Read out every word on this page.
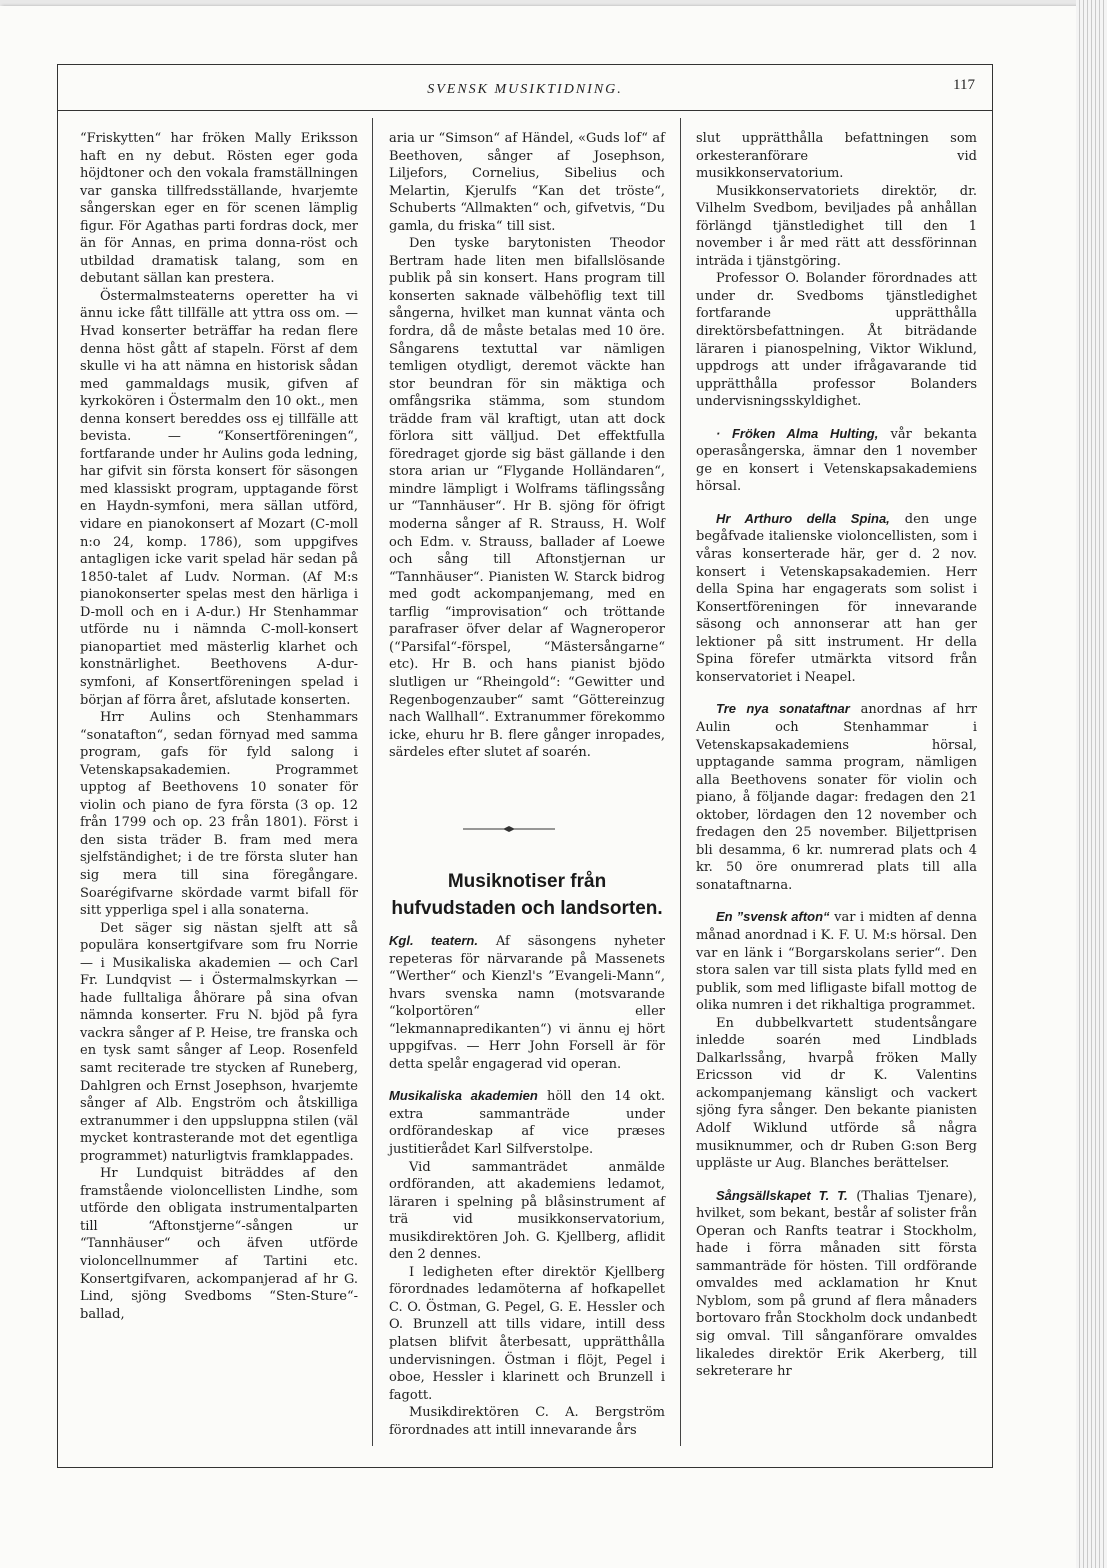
SVENSK MUSIKTIDNING.	117

“Friskytten“ har fröken Mally Eriksson haft en ny debut. Rösten eger goda höjdtoner och den vokala framställningen var ganska tillfredsställande, hvarjemte sångerskan eger en för scenen lämplig figur. För Agathas parti fordras dock, mer än för Annas, en prima donna-röst och utbildad dramatisk talang, som en debutant sällan kan prestera.

Östermalmsteaterns operetter ha vi ännu icke fått tillfälle att yttra oss om. — Hvad konserter beträffar ha redan flere denna höst gått af stapeln. Först af dem skulle vi ha att nämna en historisk sådan med gammaldags musik, gifven af kyrkokören i Östermalm den 10 okt., men denna konsert bereddes oss ej tillfälle att bevista. — “Konsertföreningen“, fortfarande under hr Aulins goda ledning, har gifvit sin första konsert för säsongen med klassiskt program, upptagande först en Haydn-symfoni, mera sällan utförd, vidare en pianokonsert af Mozart (C-moll n:o 24, komp. 1786), som uppgifves antagligen icke varit spelad här sedan på 1850-talet af Ludv. Norman. (Af M:s pianokonserter spelas mest den härliga i D-moll och en i A-dur.) Hr Stenhammar utförde nu i nämnda C-moll-konsert pianopartiet med mästerlig klarhet och konstnärlighet. Beethovens A-dur-symfoni, af Konsertföreningen spelad i början af förra året, afslutade konserten.

Hrr Aulins och Stenhammars “sonatafton“, sedan förnyad med samma program, gafs för fyld salong i Vetenskapsakademien. Programmet upptog af Beethovens 10 sonater för violin och piano de fyra första (3 op. 12 från 1799 och op. 23 från 1801). Först i den sista träder B. fram med mera sjelfständighet; i de tre första sluter han sig mera till sina föregångare. Soarégifvarne skördade varmt bifall för sitt ypperliga spel i alla sonaterna.

Det säger sig nästan sjelft att så populära konsertgifvare som fru Norrie — i Musikaliska akademien — och Carl Fr. Lundqvist — i Östermalmskyrkan — hade fulltaliga åhörare på sina ofvan nämnda konserter. Fru N. bjöd på fyra vackra sånger af P. Heise, tre franska och en tysk samt sånger af Leop. Rosenfeld samt reciterade tre stycken af Runeberg, Dahlgren och Ernst Josephson, hvarjemte sånger af Alb. Engström och åtskilliga extranummer i den uppsluppna stilen (väl mycket kontrasterande mot det egentliga programmet) naturligtvis framklappades.

Hr Lundquist biträddes af den framstående violoncellisten Lindhe, som utförde den obligata instrumentalparten till “Aftonstjerne“-sången ur “Tannhäuser“ och äfven utförde violoncellnummer af Tartini etc. Konsertgifvaren, ackompanjerad af hr G. Lind, sjöng Svedboms “Sten-Sture“-ballad,

aria ur “Simson“ af Händel, «Guds lof“ af Beethoven, sånger af Josephson, Liljefors, Cornelius, Sibelius och Melartin, Kjerulfs “Kan det tröste“, Schuberts “Allmakten“ och, gifvetvis, “Du gamla, du friska“ till sist.

Den tyske barytonisten Theodor Bertram hade liten men bifallslösande publik på sin konsert. Hans program till konserten saknade välbehöflig text till sångerna, hvilket man kunnat vänta och fordra, då de måste betalas med 10 öre. Sångarens textuttal var nämligen temligen otydligt, deremot väckte han stor beundran för sin mäktiga och omfångsrika stämma, som stundom trädde fram väl kraftigt, utan att dock förlora sitt välljud. Det effektfulla föredraget gjorde sig bäst gällande i den stora arian ur “Flygande Holländaren“, mindre lämpligt i Wolframs täflingssång ur “Tannhäuser“. Hr B. sjöng för öfrigt moderna sånger af R. Strauss, H. Wolf och Edm. v. Strauss, ballader af Loewe och sång till Aftonstjernan ur “Tannhäuser“. Pianisten W. Starck bidrog med godt ackompanjemang, med en tarflig “improvisation“ och tröttande parafraser öfver delar af Wagneroperor (“Parsifal“-förspel, “Mästersångarne“ etc). Hr B. och hans pianist bjödo slutligen ur “Rheingold“: “Gewitter und Regenbogenzauber“ samt “Göttereinzug nach Wallhall“. Extranummer förekommo icke, ehuru hr B. flere gånger inropades, särdeles efter slutet af soarén.

Musiknotiser från hufvudstaden och landsorten.

Kgl. teatern. Af säsongens nyheter repeteras för närvarande på Massenets “Werther“ och Kienzl's ”Evangeli-Mann“, hvars svenska namn (motsvarande “kolportören“ eller “lekmannapredikanten“) vi ännu ej hört uppgifvas. — Herr John Forsell är för detta spelår engagerad vid operan.

Musikaliska akademien höll den 14 okt. extra sammanträde under ordförandeskap af vice præses justitierådet Karl Silfverstolpe.

Vid sammanträdet anmälde ordföranden, att akademiens ledamot, läraren i spelning på blåsinstrument af trä vid musikkonservatorium, musikdirektören Joh. G. Kjellberg, aflidit den 2 dennes.

I ledigheten efter direktör Kjellberg förordnades ledamöterna af hofkapellet C. O. Östman, G. Pegel, G. E. Hessler och O. Brunzell att tills vidare, intill dess platsen blifvit återbesatt, upprätthålla undervisningen. Östman i flöjt, Pegel i oboe, Hessler i klarinett och Brunzell i fagott.

Musikdirektören C. A. Bergström förordnades att intill innevarande års

slut upprätthålla befattningen som orkesteranförare vid musikkonservatorium.

Musikkonservatoriets direktör, dr. Vilhelm Svedbom, beviljades på anhållan förlängd tjänstledighet till den 1 november i år med rätt att dessförinnan inträda i tjänstgöring.

Professor O. Bolander förordnades att under dr. Svedboms tjänstledighet fortfarande upprätthålla direktörsbefattningen. Åt biträdande läraren i pianospelning, Viktor Wiklund, uppdrogs att under ifrågavarande tid upprätthålla professor Bolanders undervisningsskyldighet.

· Fröken Alma Hulting, vår bekanta operasångerska, ämnar den 1 november ge en konsert i Vetenskapsakademiens hörsal.

Hr Arthuro della Spina, den unge begåfvade italienske violoncellisten, som i våras konserterade här, ger d. 2 nov. konsert i Vetenskapsakademien. Herr della Spina har engagerats som solist i Konsertföreningen för innevarande säsong och annonserar att han ger lektioner på sitt instrument. Hr della Spina förefer utmärkta vitsord från konservatoriet i Neapel.

Tre nya sonataftnar anordnas af hrr Aulin och Stenhammar i Vetenskapsakademiens hörsal, upptagande samma program, nämligen alla Beethovens sonater för violin och piano, å följande dagar: fredagen den 21 oktober, lördagen den 12 november och fredagen den 25 november. Biljettprisen bli desamma, 6 kr. numrerad plats och 4 kr. 50 öre onumrerad plats till alla sonataftnarna.

En ”svensk afton“ var i midten af denna månad anordnad i K. F. U. M:s hörsal. Den var en länk i “Borgarskolans serier“. Den stora salen var till sista plats fylld med en publik, som med lifligaste bifall mottog de olika numren i det rikhaltiga programmet.

En dubbelkvartett studentsångare inledde soarén med Lindblads Dalkarlssång, hvarpå fröken Mally Ericsson vid dr K. Valentins ackompanjemang känsligt och vackert sjöng fyra sånger. Den bekante pianisten Adolf Wiklund utförde så några musiknummer, och dr Ruben G:son Berg uppläste ur Aug. Blanches berättelser.

Sångsällskapet T. T. (Thalias Tjenare), hvilket, som bekant, består af solister från Operan och Ranfts teatrar i Stockholm, hade i förra månaden sitt första sammanträde för hösten. Till ordförande omvaldes med acklamation hr Knut Nyblom, som på grund af flera månaders bortovaro från Stockholm dock undanbedt sig omval. Till sånganförare omvaldes likaledes direktör Erik Akerberg, till sekreterare hr
